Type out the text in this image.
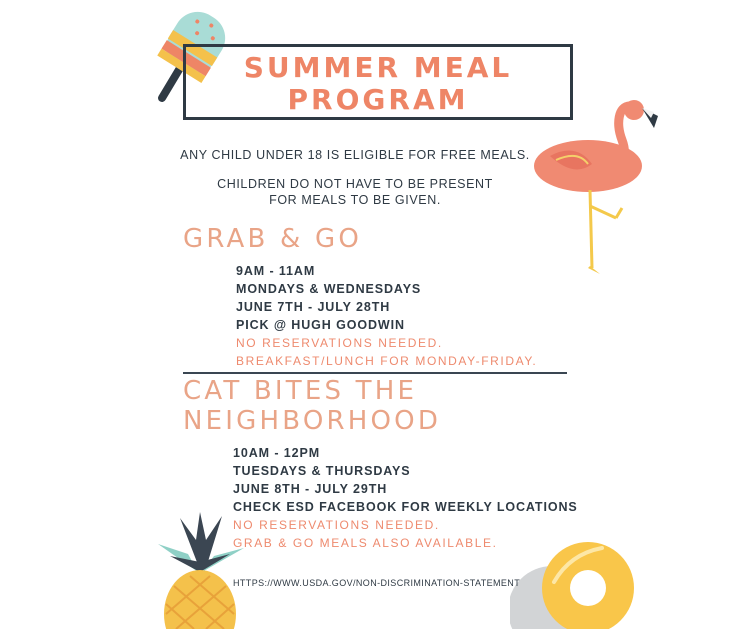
SUMMER MEAL
PROGRAM
ANY CHILD UNDER 18 IS ELIGIBLE FOR FREE MEALS.
CHILDREN DO NOT HAVE TO BE PRESENT
FOR MEALS TO BE GIVEN.
GRAB & GO
9AM - 11AM
MONDAYS & WEDNESDAYS
JUNE 7TH - JULY 28TH
PICK @ HUGH GOODWIN
NO RESERVATIONS NEEDED.
BREAKFAST/LUNCH FOR MONDAY-FRIDAY.
CAT BITES THE
NEIGHBORHOOD
10AM - 12PM
TUESDAYS & THURSDAYS
JUNE 8TH - JULY 29TH
CHECK ESD FACEBOOK FOR WEEKLY LOCATIONS
NO RESERVATIONS NEEDED.
GRAB & GO MEALS ALSO AVAILABLE.
HTTPS://WWW.USDA.GOV/NON-DISCRIMINATION-STATEMENT
